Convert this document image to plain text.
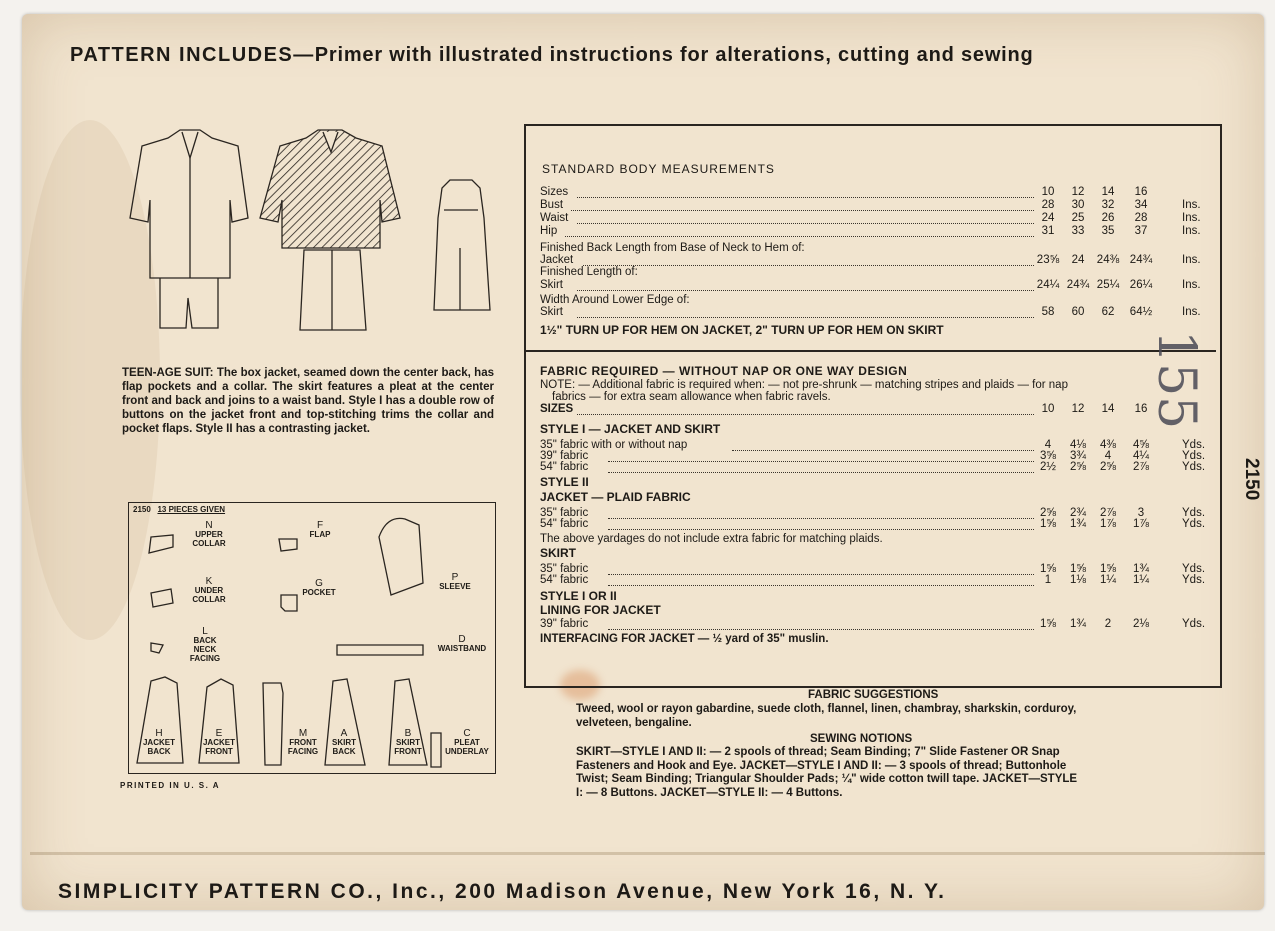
PATTERN INCLUDES—Primer with illustrated instructions for alterations, cutting and sewing
TEEN-AGE SUIT: The box jacket, seamed down the center back, has flap pockets and a collar. The skirt features a pleat at the center front and back and joins to a waist band. Style I has a double row of buttons on the jacket front and top-stitching trims the collar and pocket flaps. Style II has a contrasting jacket.
2150 13 PIECES GIVEN
N
UPPER COLLAR
F
FLAP
K
UNDER COLLAR
G
POCKET
P
SLEEVE
L
BACK NECK FACING
D
WAISTBAND
H
JACKET BACK
E
JACKET FRONT
M
FRONT FACING
A
SKIRT BACK
B
SKIRT FRONT
C
PLEAT UNDERLAY
PRINTED IN U. S. A
STANDARD BODY MEASUREMENTS
Sizes	10	12	14	16
Bust	28	30	32	34	Ins.
Waist	24	25	26	28	Ins.
Hip	31	33	35	37	Ins.
Finished Back Length from Base of Neck to Hem of:
Jacket	23⅝	24	24⅜ 24¾	Ins.
Finished Length of:
Skirt	24¼ 24¾ 25¼ 26¼	Ins.
Width Around Lower Edge of:
Skirt	58	60	62	64½	Ins.
1½" TURN UP FOR HEM ON JACKET, 2" TURN UP FOR HEM ON SKIRT
FABRIC REQUIRED — WITHOUT NAP OR ONE WAY DESIGN
NOTE: — Additional fabric is required when: — not pre-shrunk — matching stripes and plaids — for nap
fabrics — for extra seam allowance when fabric ravels.
SIZES	10	12	14	16
STYLE I — JACKET AND SKIRT
35" fabric with or without nap	4	4⅛	4⅜	4⅝	Yds.
39" fabric	3⅝	3¾	4	4¼	Yds.
54" fabric	2½	2⅝	2⅝	2⅞	Yds.
STYLE II
JACKET — PLAID FABRIC
35" fabric	2⅝	2¾	2⅞	3	Yds.
54" fabric	1⅝	1¾	1⅞	1⅞	Yds.
The above yardages do not include extra fabric for matching plaids.
SKIRT
35" fabric	1⅝	1⅝	1⅝	1¾	Yds.
54" fabric	1	1⅛	1¼	1¼	Yds.
STYLE I OR II
LINING FOR JACKET
39" fabric	1⅝	1¾	2	2⅛	Yds.
INTERFACING FOR JACKET — ½ yard of 35" muslin.
FABRIC SUGGESTIONS
Tweed, wool or rayon gabardine, suede cloth, flannel, linen, chambray, sharkskin, corduroy,
velveteen, bengaline.
SEWING NOTIONS
SKIRT—STYLE I AND II: — 2 spools of thread; Seam Binding; 7" Slide Fastener OR Snap
Fasteners and Hook and Eye. JACKET—STYLE I AND II: — 3 spools of thread; Buttonhole
Twist; Seam Binding; Triangular Shoulder Pads; ¼" wide cotton twill tape. JACKET—STYLE
I: — 8 Buttons. JACKET—STYLE II: — 4 Buttons.
155
2150
SIMPLICITY PATTERN CO., Inc., 200 Madison Avenue, New York 16, N. Y.
